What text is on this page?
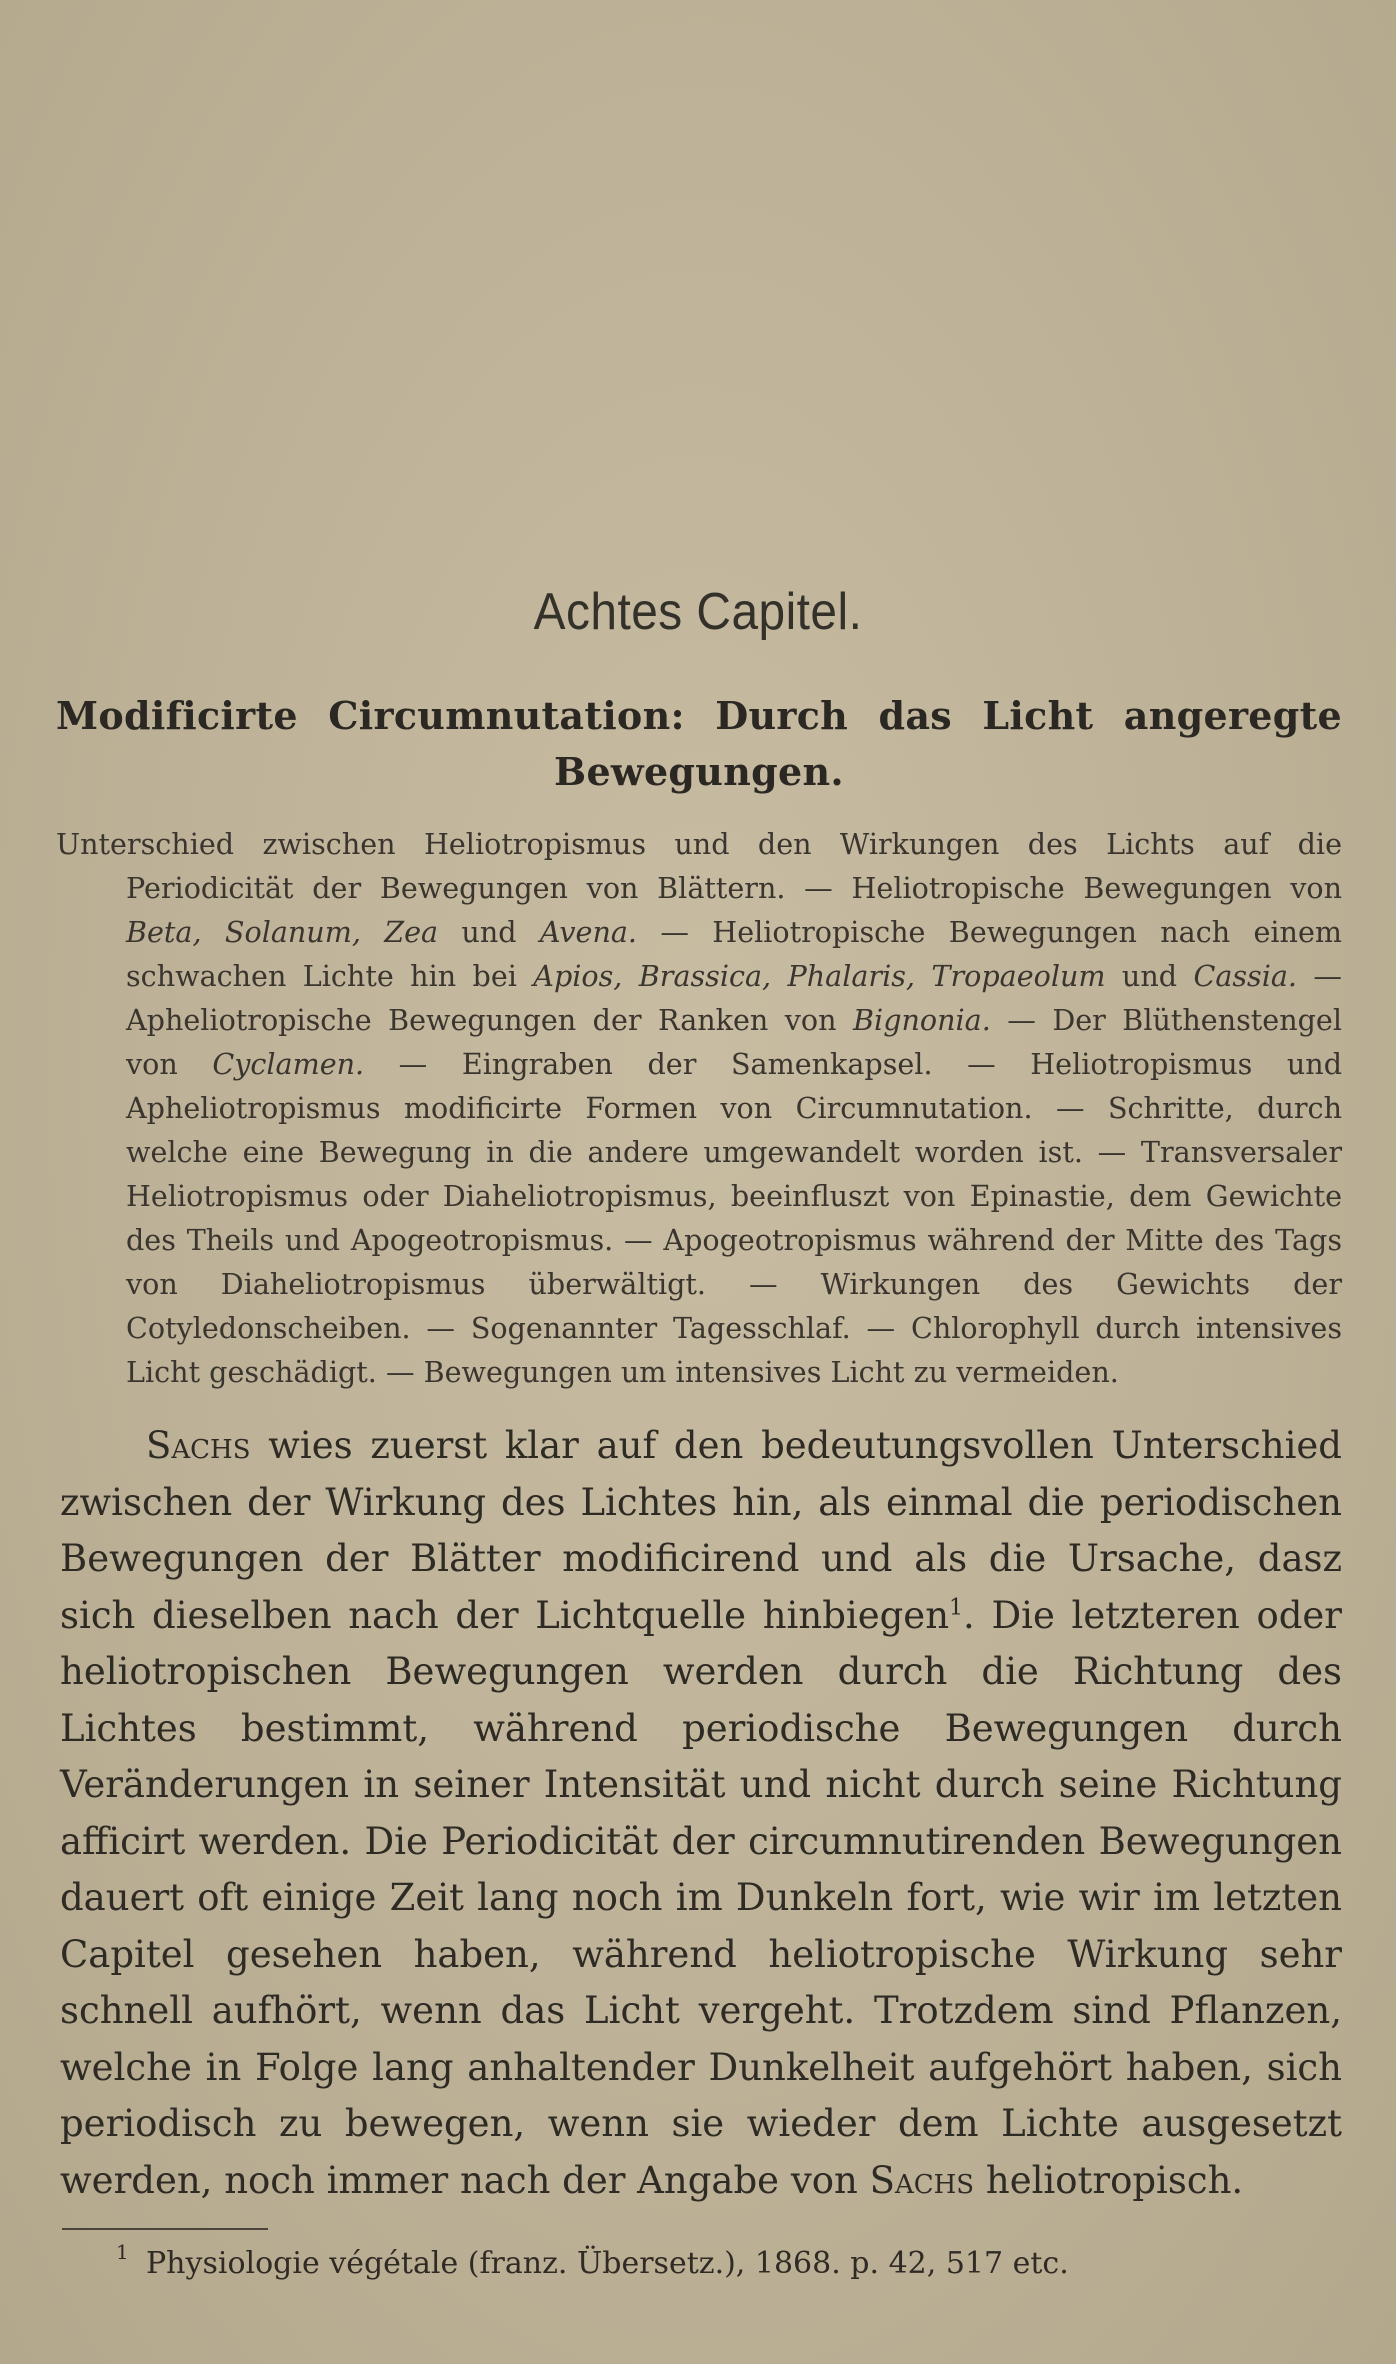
Achtes Capitel.
Modificirte Circumnutation: Durch das Licht angeregte Bewegungen.

Unterschied zwischen Heliotropismus und den Wirkungen des Lichts auf die Periodicität der Bewegungen von Blättern. — Heliotropische Bewegungen von Beta, Solanum, Zea und Avena. — Heliotropische Bewegungen nach einem schwachen Lichte hin bei Apios, Brassica, Phalaris, Tropaeolum und Cassia. — Apheliotropische Bewegungen der Ranken von Bignonia. — Der Blüthenstengel von Cyclamen. — Eingraben der Samenkapsel. — Heliotropismus und Apheliotropismus modificirte Formen von Circumnutation. — Schritte, durch welche eine Bewegung in die andere umgewandelt worden ist. — Transversaler Heliotropismus oder Diaheliotropismus, beeinfluszt von Epinastie, dem Gewichte des Theils und Apogeotropismus. — Apogeotropismus während der Mitte des Tags von Diaheliotropismus überwältigt. — Wirkungen des Gewichts der Cotyledonscheiben. — Sogenannter Tagesschlaf. — Chlorophyll durch intensives Licht geschädigt. — Bewegungen um intensives Licht zu vermeiden.

Sachs wies zuerst klar auf den bedeutungsvollen Unterschied zwischen der Wirkung des Lichtes hin, als einmal die periodischen Bewegungen der Blätter modificirend und als die Ursache, dasz sich dieselben nach der Lichtquelle hinbiegen$^1$. Die letzteren oder heliotropischen Bewegungen werden durch die Richtung des Lichtes bestimmt, während periodische Bewegungen durch Veränderungen in seiner Intensität und nicht durch seine Richtung afficirt werden. Die Periodicität der circumnutirenden Bewegungen dauert oft einige Zeit lang noch im Dunkeln fort, wie wir im letzten Capitel gesehen haben, während heliotropische Wirkung sehr schnell aufhört, wenn das Licht vergeht. Trotzdem sind Pflanzen, welche in Folge lang anhaltender Dunkelheit aufgehört haben, sich periodisch zu bewegen, wenn sie wieder dem Lichte ausgesetzt werden, noch immer nach der Angabe von Sachs heliotropisch.

1 Physiologie végétale (franz. Übersetz.), 1868. p. 42, 517 etc.
